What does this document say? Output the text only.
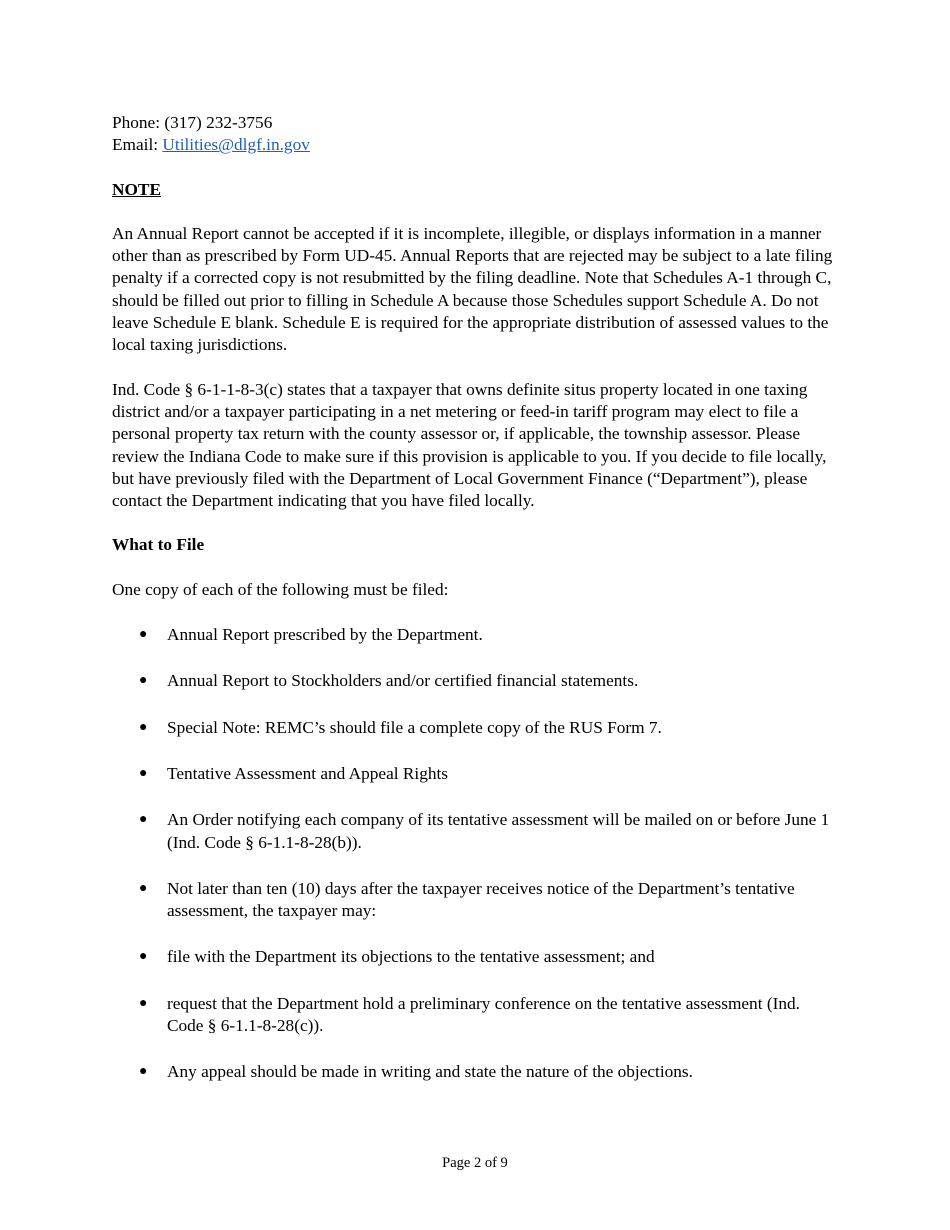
Phone: (317) 232-3756
Email: Utilities@dlgf.in.gov
NOTE

An Annual Report cannot be accepted if it is incomplete, illegible, or displays information in a manner other than as prescribed by Form UD-45. Annual Reports that are rejected may be subject to a late filing penalty if a corrected copy is not resubmitted by the filing deadline. Note that Schedules A-1 through C, should be filled out prior to filling in Schedule A because those Schedules support Schedule A. Do not leave Schedule E blank. Schedule E is required for the appropriate distribution of assessed values to the local taxing jurisdictions.

Ind. Code § 6-1-1-8-3(c) states that a taxpayer that owns definite situs property located in one taxing district and/or a taxpayer participating in a net metering or feed-in tariff program may elect to file a personal property tax return with the county assessor or, if applicable, the township assessor. Please review the Indiana Code to make sure if this provision is applicable to you. If you decide to file locally, but have previously filed with the Department of Local Government Finance (“Department”), please contact the Department indicating that you have filed locally.

What to File

One copy of each of the following must be filed:

● Annual Report prescribed by the Department.
● Annual Report to Stockholders and/or certified financial statements.
● Special Note: REMC’s should file a complete copy of the RUS Form 7.
● Tentative Assessment and Appeal Rights
● An Order notifying each company of its tentative assessment will be mailed on or before June 1 (Ind. Code § 6-1.1-8-28(b)).
● Not later than ten (10) days after the taxpayer receives notice of the Department’s tentative assessment, the taxpayer may:
● file with the Department its objections to the tentative assessment; and
● request that the Department hold a preliminary conference on the tentative assessment (Ind. Code § 6-1.1-8-28(c)).
● Any appeal should be made in writing and state the nature of the objections.
Page 2 of 9
